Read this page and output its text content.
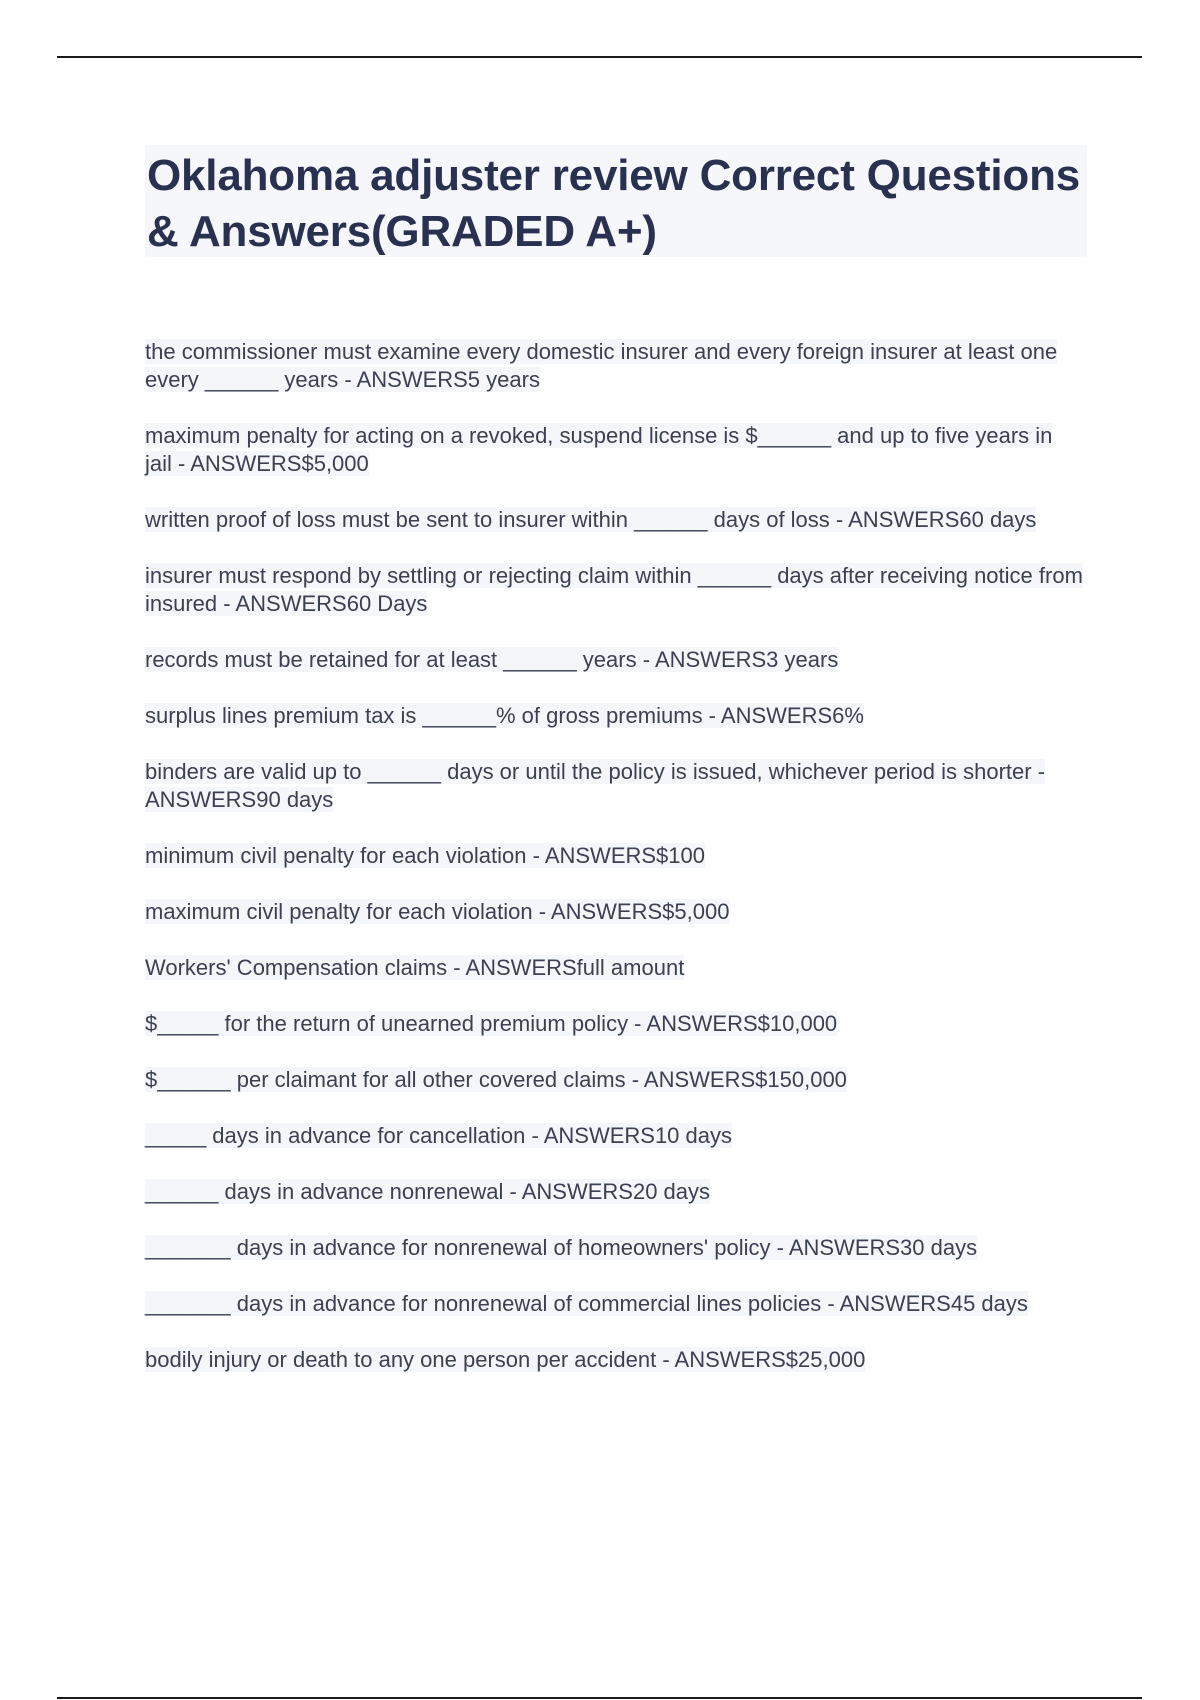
Oklahoma adjuster review Correct Questions & Answers(GRADED A+)
the commissioner must examine every domestic insurer and every foreign insurer at least one every ______ years - ANSWERS5 years
maximum penalty for acting on a revoked, suspend license is $______ and up to five years in jail - ANSWERS$5,000
written proof of loss must be sent to insurer within ______ days of loss - ANSWERS60 days
insurer must respond by settling or rejecting claim within ______ days after receiving notice from insured - ANSWERS60 Days
records must be retained for at least ______ years - ANSWERS3 years
surplus lines premium tax is ______% of gross premiums - ANSWERS6%
binders are valid up to ______ days or until the policy is issued, whichever period is shorter - ANSWERS90 days
minimum civil penalty for each violation - ANSWERS$100
maximum civil penalty for each violation - ANSWERS$5,000
Workers' Compensation claims - ANSWERSfull amount
$_____ for the return of unearned premium policy - ANSWERS$10,000
$______ per claimant for all other covered claims - ANSWERS$150,000
_____ days in advance for cancellation - ANSWERS10 days
______ days in advance nonrenewal - ANSWERS20 days
_______ days in advance for nonrenewal of homeowners' policy - ANSWERS30 days
_______ days in advance for nonrenewal of commercial lines policies - ANSWERS45 days
bodily injury or death to any one person per accident - ANSWERS$25,000
